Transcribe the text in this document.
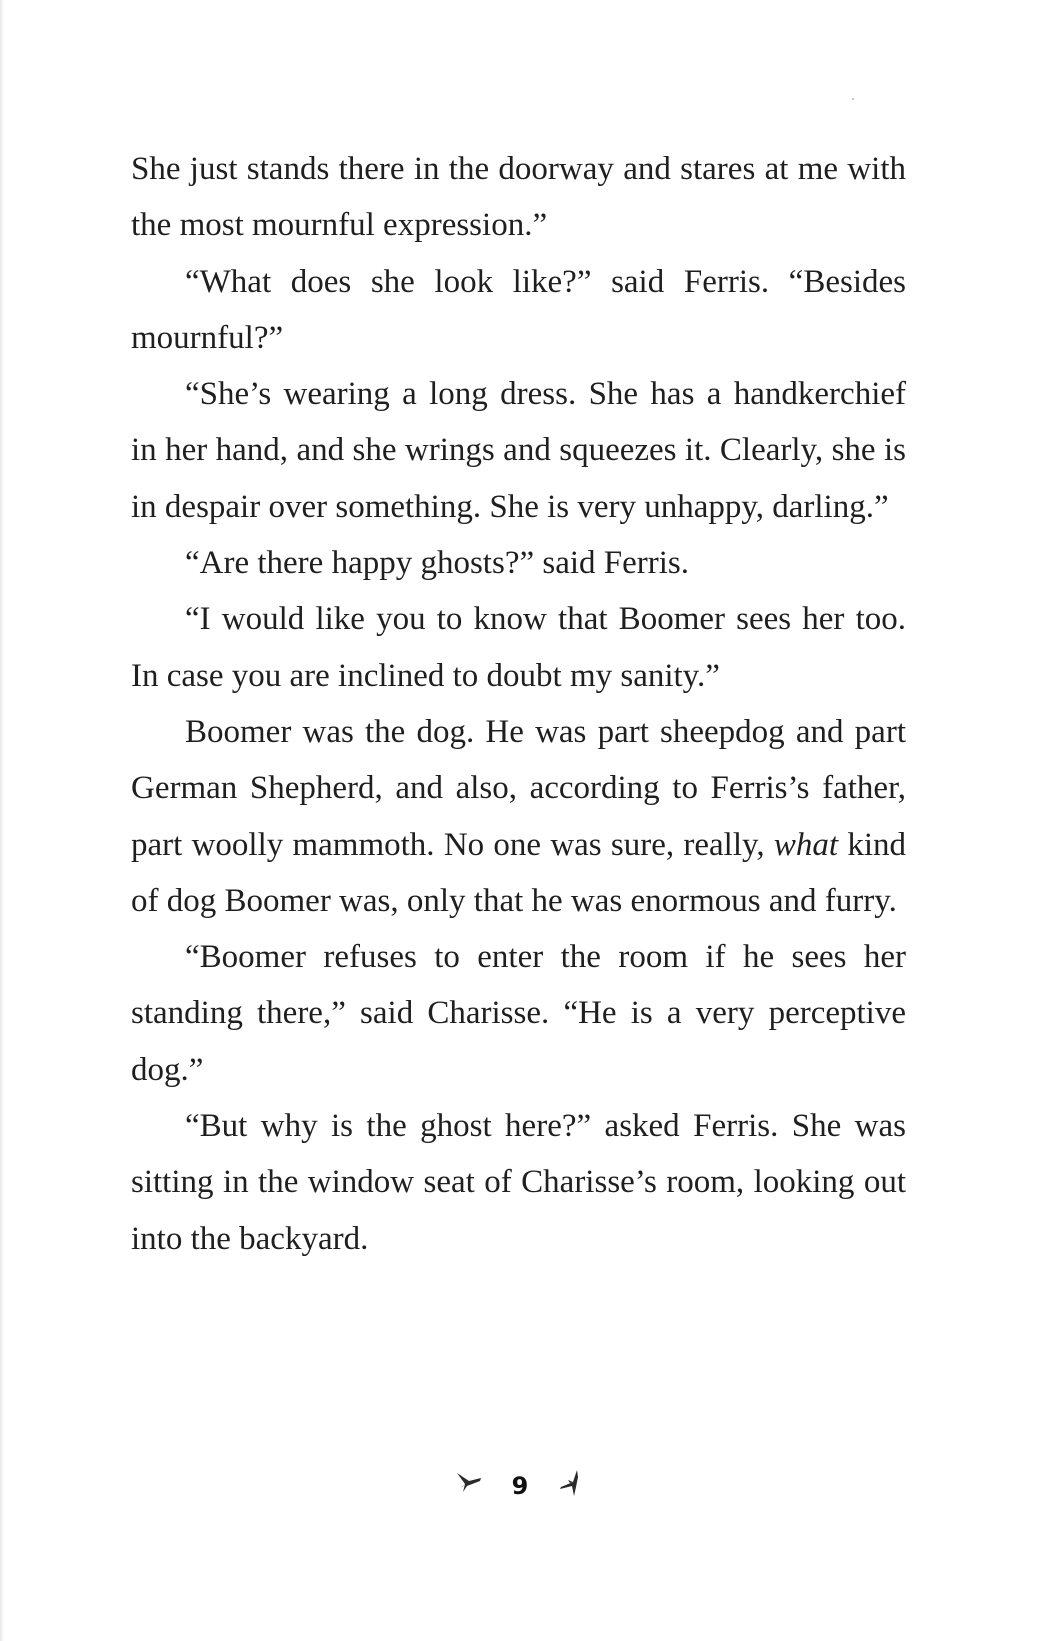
She just stands there in the doorway and stares at me with the most mournful expression.”

“What does she look like?” said Ferris. “Besides mournful?”

“She’s wearing a long dress. She has a handkerchief in her hand, and she wrings and squeezes it. Clearly, she is in despair over something. She is very unhappy, darling.”

“Are there happy ghosts?” said Ferris.

“I would like you to know that Boomer sees her too. In case you are inclined to doubt my sanity.”

Boomer was the dog. He was part sheepdog and part German Shepherd, and also, according to Ferris’s father, part woolly mammoth. No one was sure, really, what kind of dog Boomer was, only that he was enormous and furry.

“Boomer refuses to enter the room if he sees her standing there,” said Charisse. “He is a very perceptive dog.”

“But why is the ghost here?” asked Ferris. She was sitting in the window seat of Charisse’s room, looking out into the backyard.

9
